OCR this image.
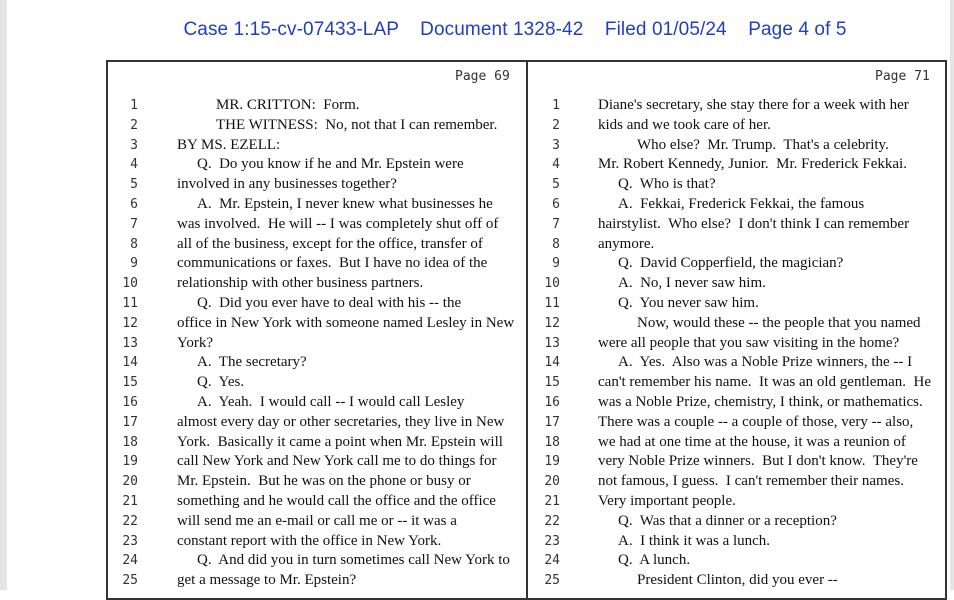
Case 1:15-cv-07433-LAP    Document 1328-42    Filed 01/05/24    Page 4 of 5
Page 69	Page 71
1	MR. CRITTON:  Form.
2	THE WITNESS:  No, not that I can remember.
3	BY MS. EZELL:
4	Q.  Do you know if he and Mr. Epstein were
5	involved in any businesses together?
6	A.  Mr. Epstein, I never knew what businesses he
7	was involved.  He will -- I was completely shut off of
8	all of the business, except for the office, transfer of
9	communications or faxes.  But I have no idea of the
10	relationship with other business partners.
11	Q.  Did you ever have to deal with his -- the
12	office in New York with someone named Lesley in New
13	York?
14	A.  The secretary?
15	Q.  Yes.
16	A.  Yeah.  I would call -- I would call Lesley
17	almost every day or other secretaries, they live in New
18	York.  Basically it came a point when Mr. Epstein will
19	call New York and New York call me to do things for
20	Mr. Epstein.  But he was on the phone or busy or
21	something and he would call the office and the office
22	will send me an e-mail or call me or -- it was a
23	constant report with the office in New York.
24	Q.  And did you in turn sometimes call New York to
25	get a message to Mr. Epstein?
1	Diane's secretary, she stay there for a week with her
2	kids and we took care of her.
3	Who else?  Mr. Trump.  That's a celebrity.
4	Mr. Robert Kennedy, Junior.  Mr. Frederick Fekkai.
5	Q.  Who is that?
6	A.  Fekkai, Frederick Fekkai, the famous
7	hairstylist.  Who else?  I don't think I can remember
8	anymore.
9	Q.  David Copperfield, the magician?
10	A.  No, I never saw him.
11	Q.  You never saw him.
12	Now, would these -- the people that you named
13	were all people that you saw visiting in the home?
14	A.  Yes.  Also was a Noble Prize winners, the -- I
15	can't remember his name.  It was an old gentleman.  He
16	was a Noble Prize, chemistry, I think, or mathematics.
17	There was a couple -- a couple of those, very -- also,
18	we had at one time at the house, it was a reunion of
19	very Noble Prize winners.  But I don't know.  They're
20	not famous, I guess.  I can't remember their names.
21	Very important people.
22	Q.  Was that a dinner or a reception?
23	A.  I think it was a lunch.
24	Q.  A lunch.
25	President Clinton, did you ever --
